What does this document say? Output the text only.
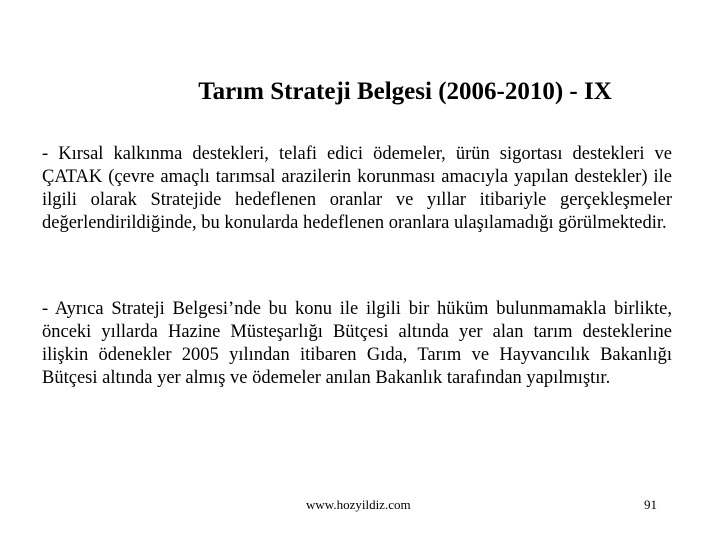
Tarım Strateji Belgesi (2006-2010) - IX

- Kırsal kalkınma destekleri, telafi edici ödemeler, ürün sigortası destekleri ve ÇATAK (çevre amaçlı tarımsal arazilerin korunması amacıyla yapılan destekler) ile ilgili olarak Stratejide hedeflenen oranlar ve yıllar itibariyle gerçekleşmeler değerlendirildiğinde, bu konularda hedeflenen oranlara ulaşılamadığı görülmektedir.

- Ayrıca Strateji Belgesi’nde bu konu ile ilgili bir hüküm bulunmamakla birlikte, önceki yıllarda Hazine Müsteşarlığı Bütçesi altında yer alan tarım desteklerine ilişkin ödenekler 2005 yılından itibaren Gıda, Tarım ve Hayvancılık Bakanlığı Bütçesi altında yer almış ve ödemeler anılan Bakanlık tarafından yapılmıştır.

www.hozyildiz.com	91
